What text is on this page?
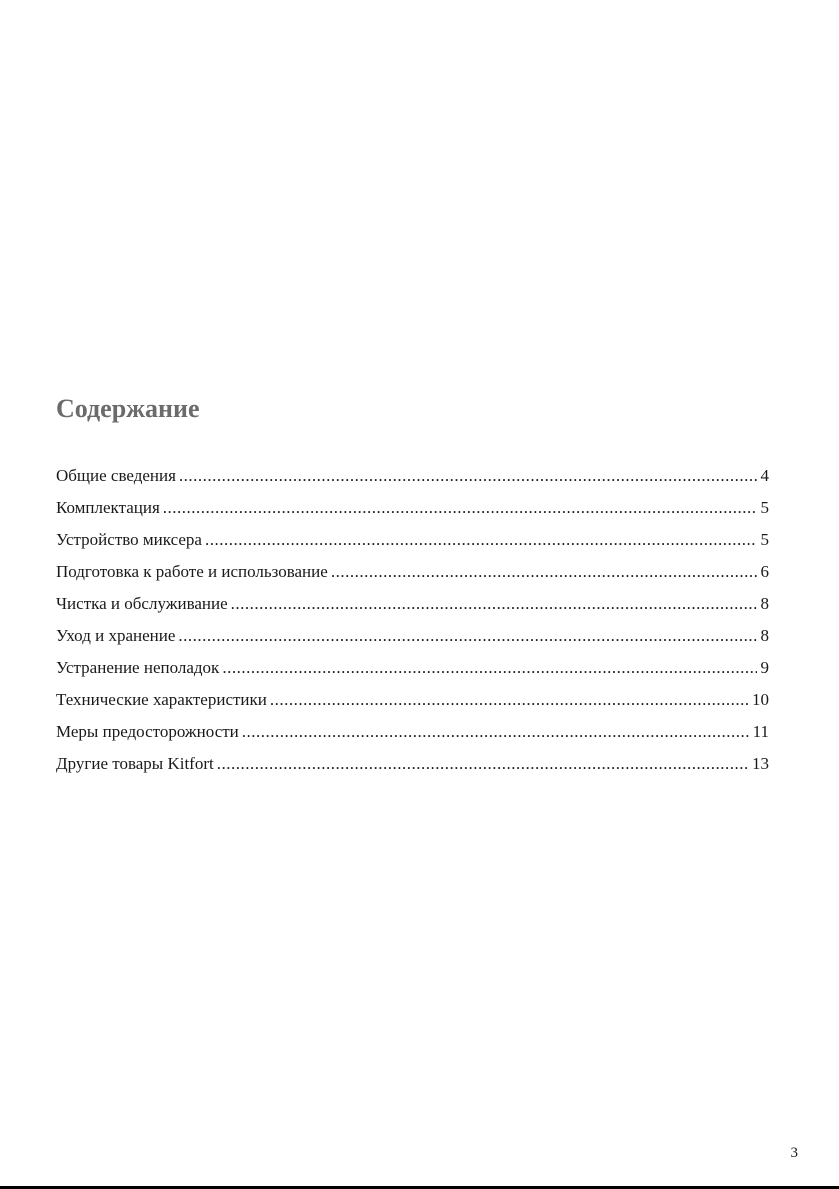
Содержание
Общие сведения .....	4
Комплектация .....	5
Устройство миксера .....	5
Подготовка к работе и использование .....	6
Чистка и обслуживание .....	8
Уход и хранение .....	8
Устранение неполадок .....	9
Технические характеристики .....	10
Меры предосторожности .....	11
Другие товары Kitfort .....	13
3
